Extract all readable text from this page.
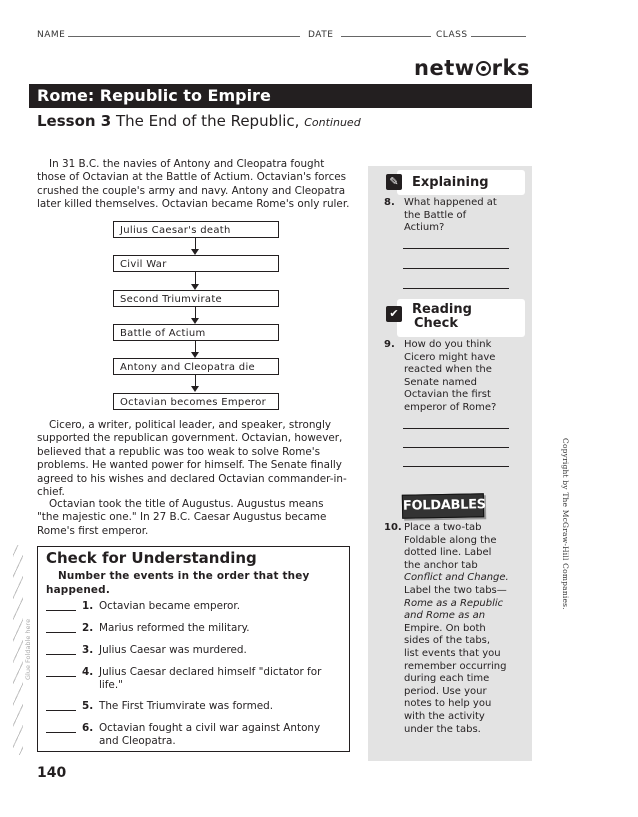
NAME	DATE	CLASS
netw rks
Rome: Republic to Empire
Lesson 3 The End of the Republic, Continued
In 31 B.C. the navies of Antony and Cleopatra fought
those of Octavian at the Battle of Actium. Octavian's forces
crushed the couple's army and navy. Antony and Cleopatra
later killed themselves. Octavian became Rome's only ruler.
Julius Caesar's death
Civil War
Second Triumvirate
Battle of Actium
Antony and Cleopatra die
Octavian becomes Emperor
Cicero, a writer, political leader, and speaker, strongly
supported the republican government. Octavian, however,
believed that a republic was too weak to solve Rome's
problems. He wanted power for himself. The Senate finally
agreed to his wishes and declared Octavian commander-in-
chief.
Octavian took the title of Augustus. Augustus means
"the majestic one." In 27 B.C. Caesar Augustus became
Rome's first emperor.
Glue Foldable here
Check for Understanding
Number the events in the order that they
happened.
1. Octavian became emperor.
2. Marius reformed the military.
3. Julius Caesar was murdered.
4. Julius Caesar declared himself "dictator for
life."
5. The First Triumvirate was formed.
6. Octavian fought a civil war against Antony
and Cleopatra.
✎ Explaining
8. What happened at
the Battle of
Actium?
✔ Reading
Check
9. How do you think
Cicero might have
reacted when the
Senate named
Octavian the first
emperor of Rome?
FOLDABLES
10. Place a two-tab
Foldable along the
dotted line. Label
the anchor tab
Conflict and Change.
Label the two tabs—
Rome as a Republic
and Rome as an
Empire. On both
sides of the tabs,
list events that you
remember occurring
during each time
period. Use your
notes to help you
with the activity
under the tabs.
Copyright by The McGraw-Hill Companies.
140
